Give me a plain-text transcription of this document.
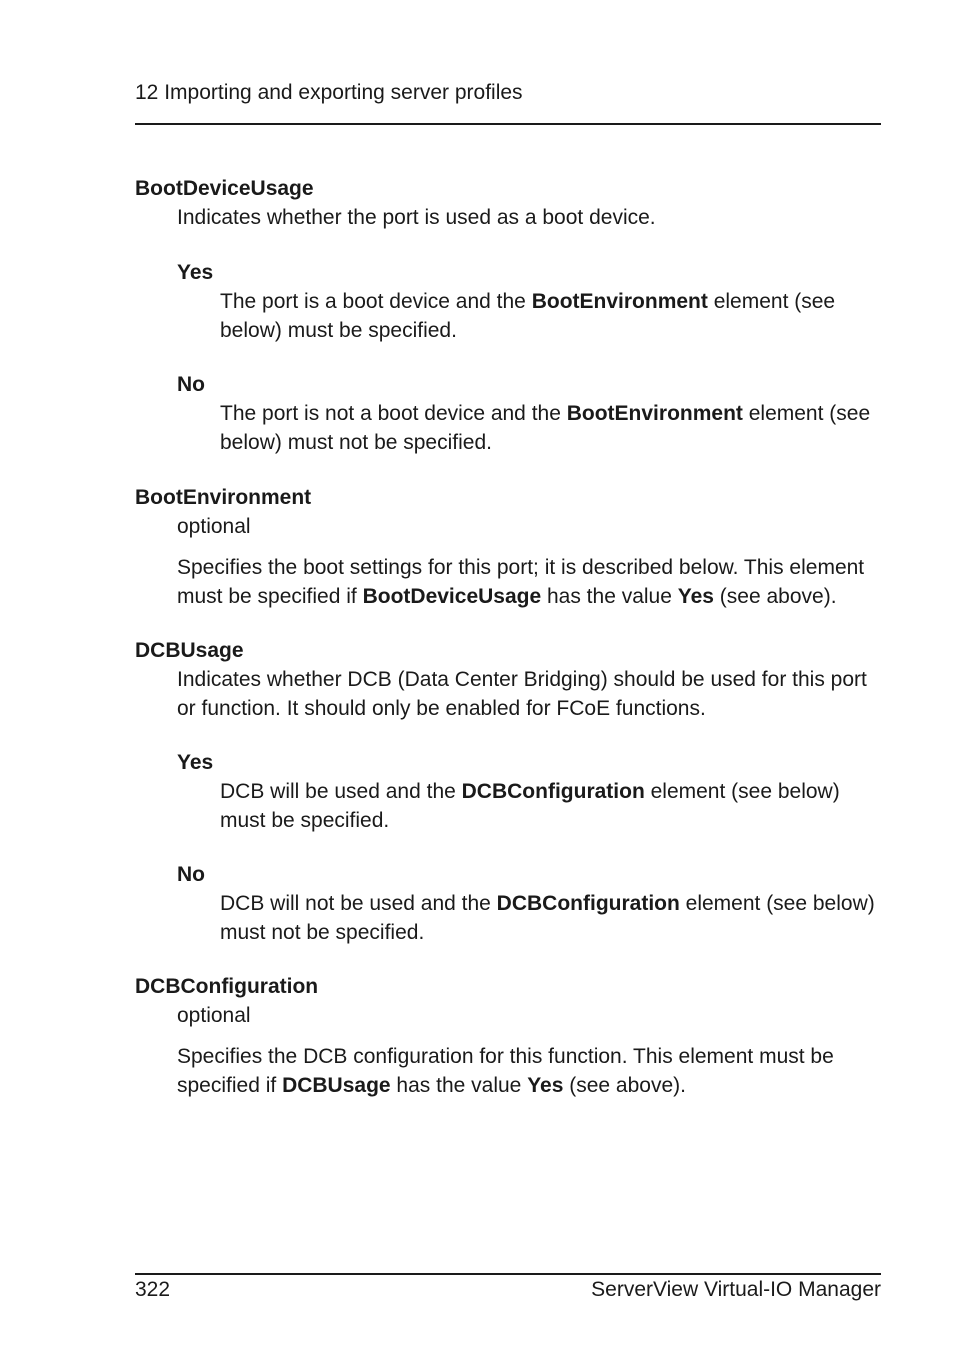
12 Importing and exporting server profiles

BootDeviceUsage

Indicates whether the port is used as a boot device.

Yes

The port is a boot device and the BootEnvironment element (see below) must be specified.

No

The port is not a boot device and the BootEnvironment element (see below) must not be specified.

BootEnvironment

optional

Specifies the boot settings for this port; it is described below. This element must be specified if BootDeviceUsage has the value Yes (see above).

DCBUsage

Indicates whether DCB (Data Center Bridging) should be used for this port or function. It should only be enabled for FCoE functions.

Yes

DCB will be used and the DCBConfiguration element (see below) must be specified.

No

DCB will not be used and the DCBConfiguration element (see below) must not be specified.

DCBConfiguration

optional

Specifies the DCB configuration for this function. This element must be specified if DCBUsage has the value Yes (see above).

322	ServerView Virtual-IO Manager
